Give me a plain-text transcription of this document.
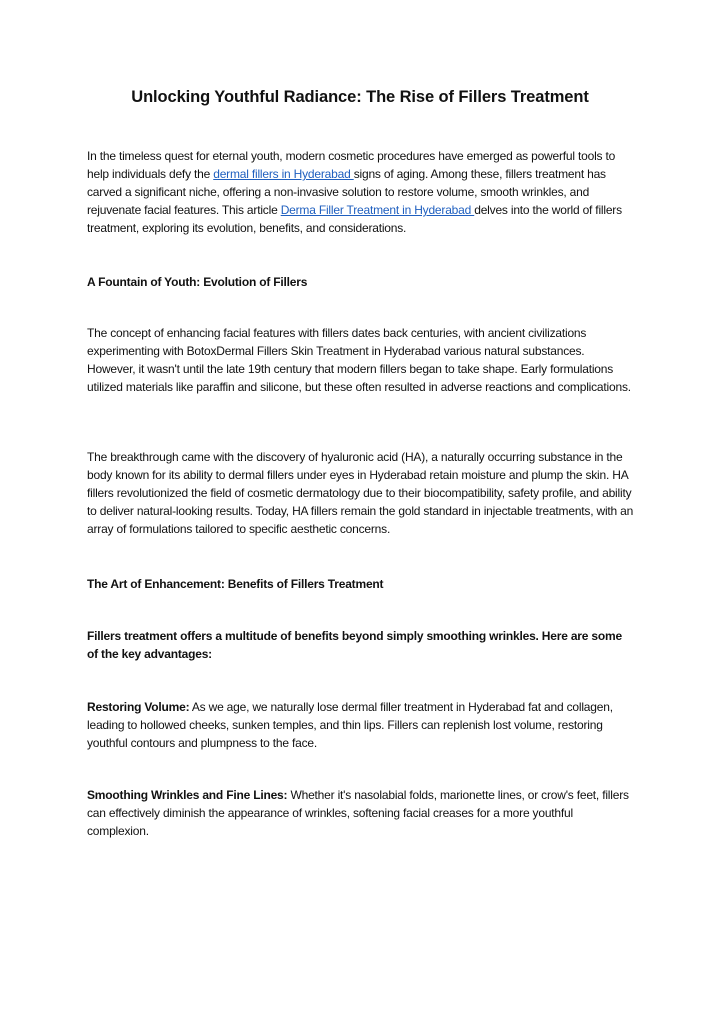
Unlocking Youthful Radiance: The Rise of Fillers Treatment

In the timeless quest for eternal youth, modern cosmetic procedures have emerged as powerful tools to help individuals defy the dermal fillers in Hyderabad signs of aging. Among these, fillers treatment has carved a significant niche, offering a non-invasive solution to restore volume, smooth wrinkles, and rejuvenate facial features. This article Derma Filler Treatment in Hyderabad delves into the world of fillers treatment, exploring its evolution, benefits, and considerations.

A Fountain of Youth: Evolution of Fillers

The concept of enhancing facial features with fillers dates back centuries, with ancient civilizations experimenting with BotoxDermal Fillers Skin Treatment in Hyderabad various natural substances. However, it wasn't until the late 19th century that modern fillers began to take shape. Early formulations utilized materials like paraffin and silicone, but these often resulted in adverse reactions and complications.

The breakthrough came with the discovery of hyaluronic acid (HA), a naturally occurring substance in the body known for its ability to dermal fillers under eyes in Hyderabad retain moisture and plump the skin. HA fillers revolutionized the field of cosmetic dermatology due to their biocompatibility, safety profile, and ability to deliver natural-looking results. Today, HA fillers remain the gold standard in injectable treatments, with an array of formulations tailored to specific aesthetic concerns.

The Art of Enhancement: Benefits of Fillers Treatment

Fillers treatment offers a multitude of benefits beyond simply smoothing wrinkles. Here are some of the key advantages:

Restoring Volume: As we age, we naturally lose dermal filler treatment in Hyderabad fat and collagen, leading to hollowed cheeks, sunken temples, and thin lips. Fillers can replenish lost volume, restoring youthful contours and plumpness to the face.

Smoothing Wrinkles and Fine Lines: Whether it's nasolabial folds, marionette lines, or crow's feet, fillers can effectively diminish the appearance of wrinkles, softening facial creases for a more youthful complexion.
